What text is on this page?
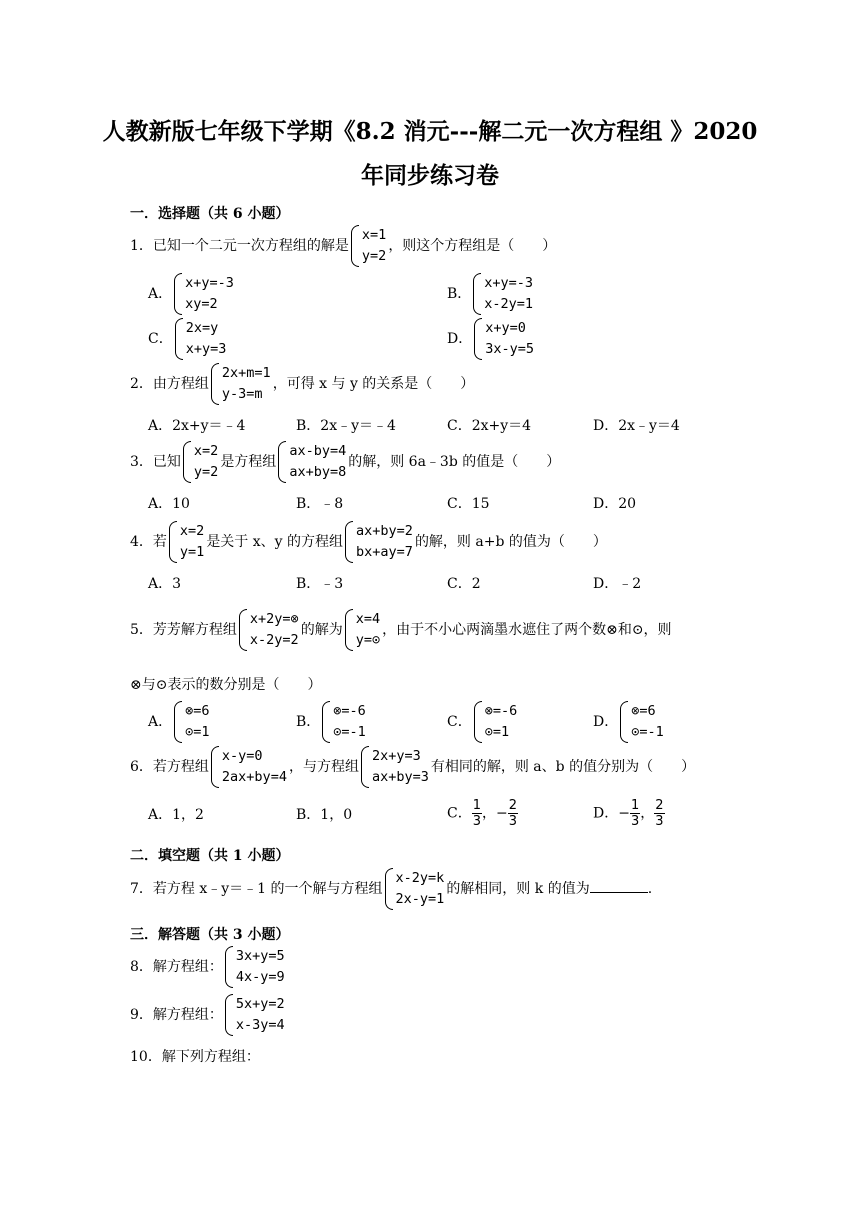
人教新版七年级下学期《8.2 消元---解二元一次方程组 》2020
年同步练习卷
一．选择题（共 6 小题）
1．已知一个二元一次方程组的解是
x=1
y=2
，则这个方程组是（　　）
A．
x+y=-3
xy=2
B．
x+y=-3
x-2y=1
C．
2x=y
x+y=3
D．
x+y=0
3x-y=5
2．由方程组
2x+m=1
y-3=m
，可得 x 与 y 的关系是（　　）
A．2x+y＝﹣4	B．2x﹣y＝﹣4	C．2x+y＝4	D．2x﹣y＝4
3．已知
x=2
y=2
是方程组
ax-by=4
ax+by=8
的解，则 6a﹣3b 的值是（　　）
A．10	B．﹣8	C．15	D．20
4．若
x=2
y=1
是关于 x、y 的方程组
ax+by=2
bx+ay=7
的解，则 a+b 的值为（　　）
A．3	B．﹣3	C．2	D．﹣2
5．芳芳解方程组
x+2y=⊗
x-2y=2
的解为
x=4
y=⊙
，由于不小心两滴墨水遮住了两个数⊗和⊙，则
⊗与⊙表示的数分别是（　　）
A．
⊗=6
⊙=1
B．
⊗=-6
⊙=-1
C．
⊗=-6
⊙=1
D．
⊗=6
⊙=-1
6．若方程组
x-y=0
2ax+by=4
，与方程组
2x+y=3
ax+by=3
有相同的解，则 a、b 的值分别为（　　）
A．1，2	B．1，0	C． $\frac{1}{3}$ ，− $\frac{2}{3}$	D．− $\frac{1}{3}$ ， $\frac{2}{3}$
二．填空题（共 1 小题）
7．若方程 x﹣y＝﹣1 的一个解与方程组
x-2y=k
2x-y=1
的解相同，则 k 的值为	.
三．解答题（共 3 小题）
8．解方程组：
3x+y=5
4x-y=9
9．解方程组：
5x+y=2
x-3y=4
10．解下列方程组：
